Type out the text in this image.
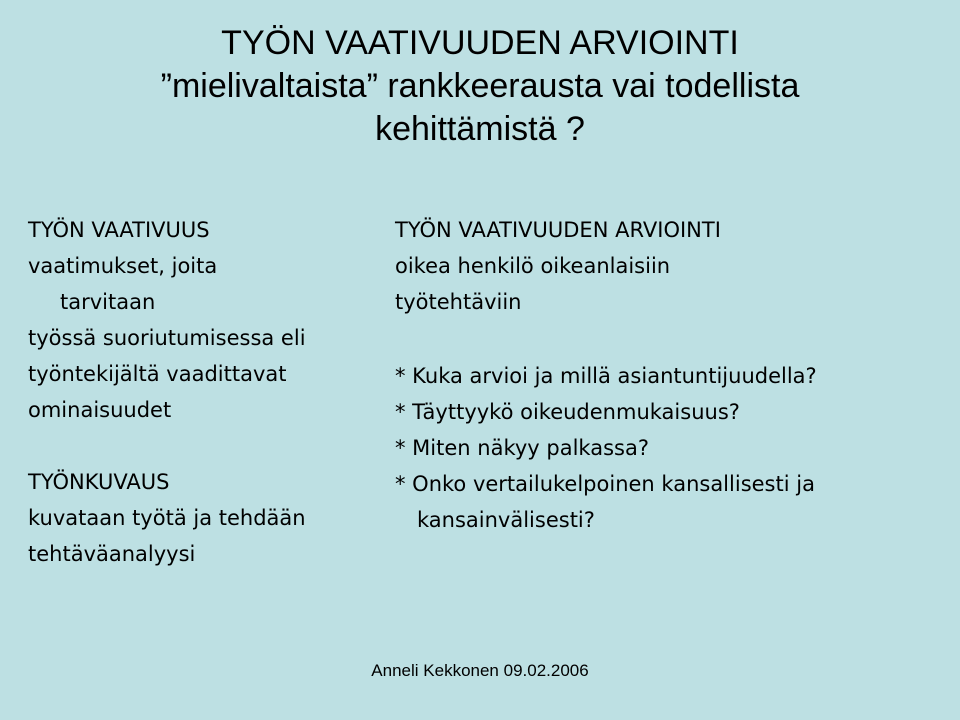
TYÖN VAATIVUUDEN ARVIOINTI
”mielivaltaista” rankkeerausta vai todellista
kehittämistä ?
TYÖN VAATIVUUS
vaatimukset, joita
tarvitaan
työssä suoriutumisessa eli
työntekijältä vaadittavat
ominaisuudet
TYÖNKUVAUS
kuvataan työtä ja tehdään
tehtäväanalyysi
TYÖN VAATIVUUDEN ARVIOINTI
oikea henkilö oikeanlaisiin
työtehtäviin
* Kuka arvioi ja millä asiantuntijuudella?
* Täyttyykö oikeudenmukaisuus?
* Miten näkyy palkassa?
* Onko vertailukelpoinen kansallisesti ja
kansainvälisesti?
Anneli Kekkonen 09.02.2006
